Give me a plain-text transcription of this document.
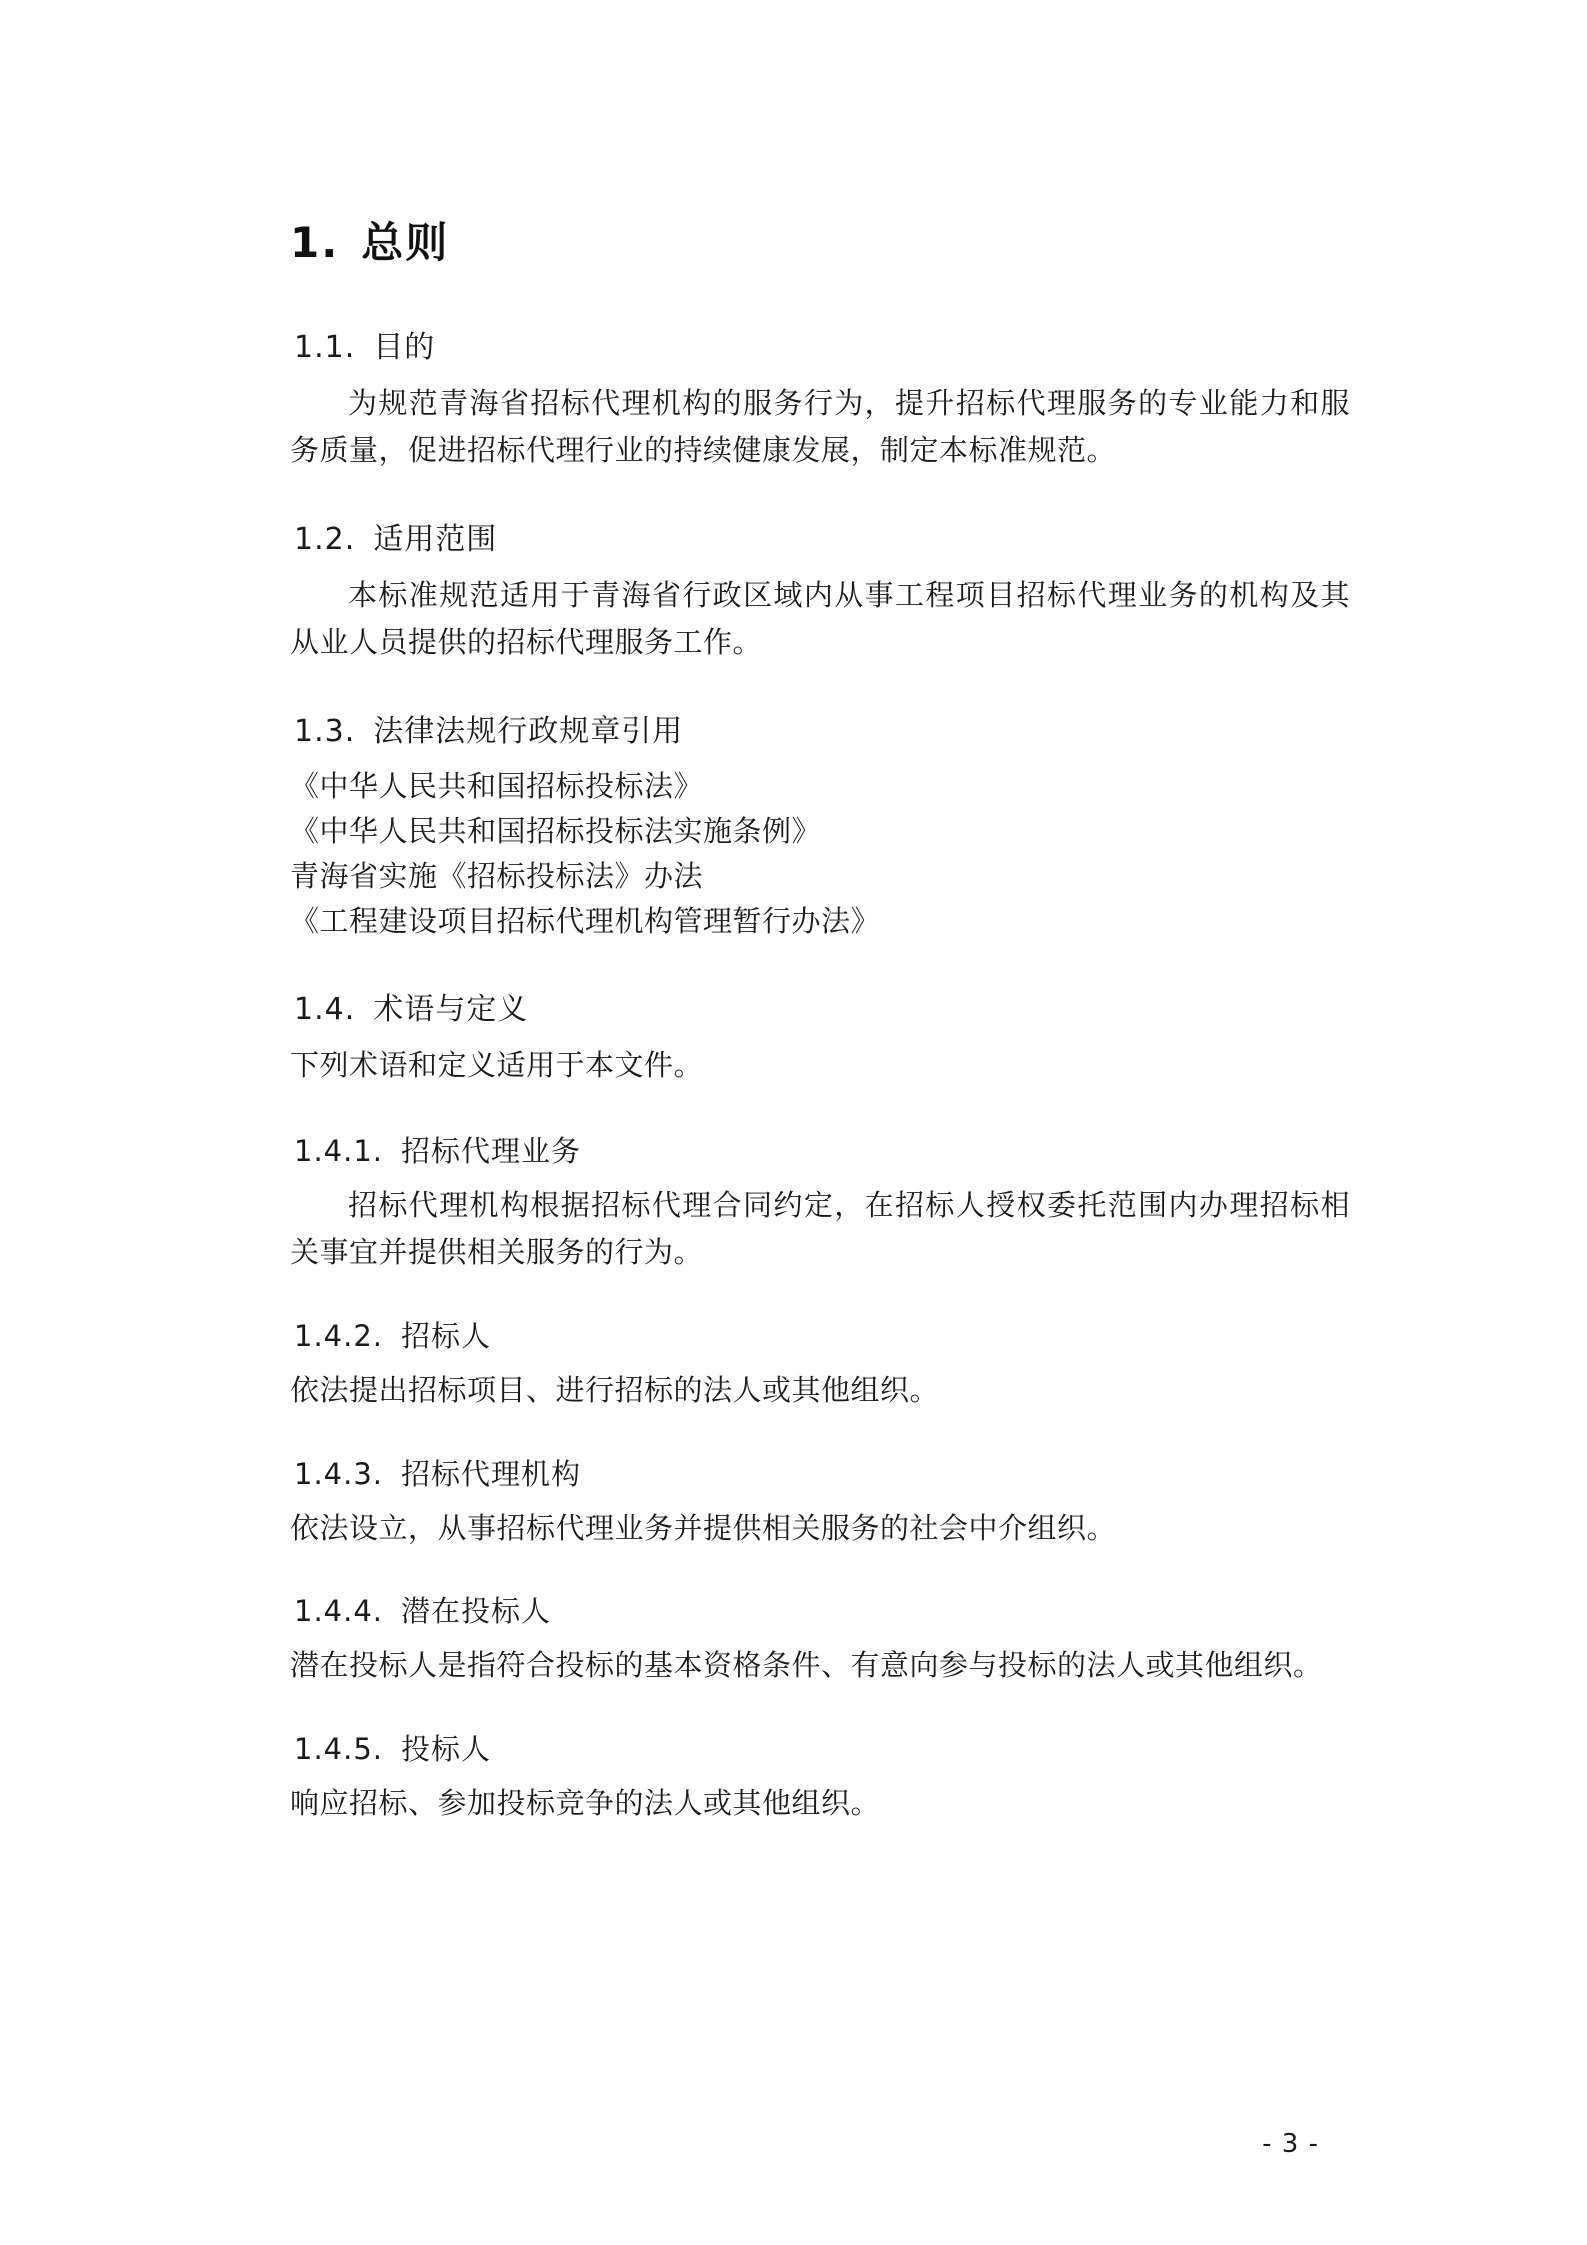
1. 总则
1.1. 目的

为规范青海省招标代理机构的服务行为，提升招标代理服务的专业能力和服务质量，促进招标代理行业的持续健康发展，制定本标准规范。

1.2. 适用范围

本标准规范适用于青海省行政区域内从事工程项目招标代理业务的机构及其从业人员提供的招标代理服务工作。

1.3. 法律法规行政规章引用

《中华人民共和国招标投标法》

《中华人民共和国招标投标法实施条例》

青海省实施《招标投标法》办法

《工程建设项目招标代理机构管理暂行办法》

1.4. 术语与定义

下列术语和定义适用于本文件。

1.4.1. 招标代理业务

招标代理机构根据招标代理合同约定，在招标人授权委托范围内办理招标相关事宜并提供相关服务的行为。

1.4.2. 招标人

依法提出招标项目、进行招标的法人或其他组织。

1.4.3. 招标代理机构

依法设立，从事招标代理业务并提供相关服务的社会中介组织。

1.4.4. 潜在投标人

潜在投标人是指符合投标的基本资格条件、有意向参与投标的法人或其他组织。

1.4.5. 投标人

响应招标、参加投标竞争的法人或其他组织。

- 3 -
